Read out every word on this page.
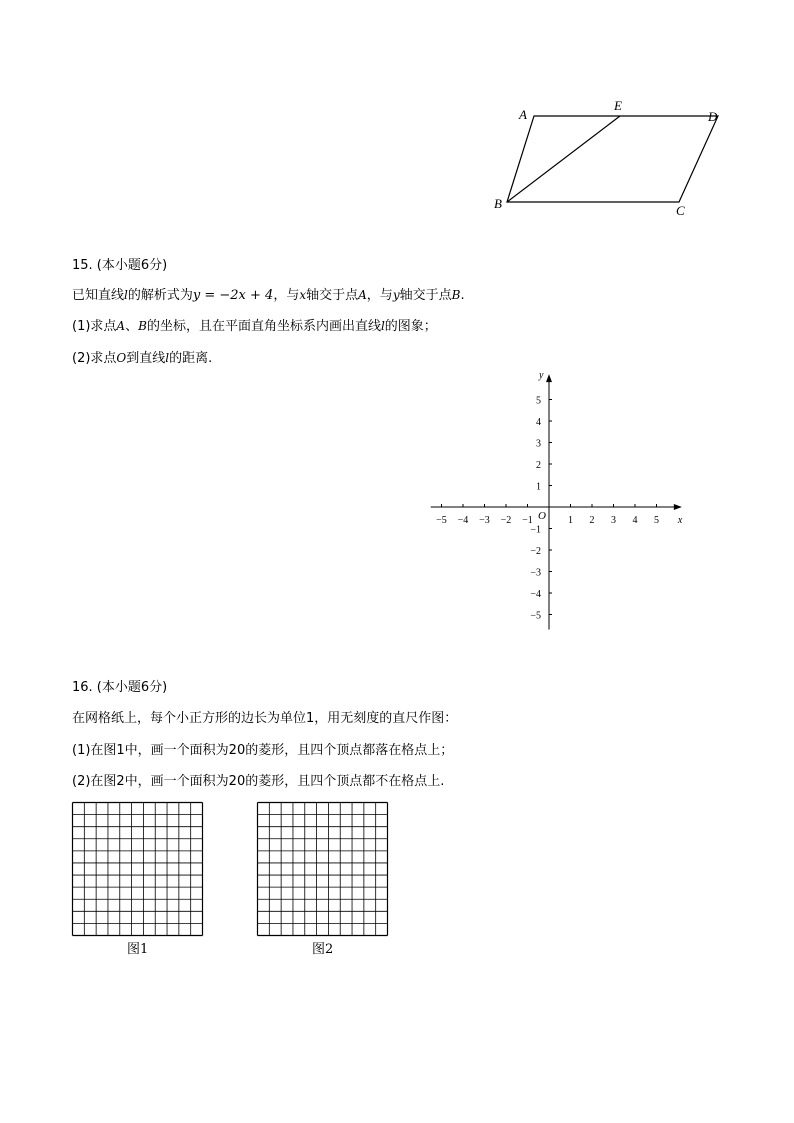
A
E
D
B	C
15. (本小题6分)
已知直线l的解析式为y = −2x + 4，与x轴交于点A，与y轴交于点B.
(1)求点A、B的坐标，且在平面直角坐标系内画出直线l的图象；
(2)求点O到直线l的距离.
−5 −4 −3 −2 −1	1 2 3 4 5
5
4
3
2
1
−1
−2
−3
−4
−5
x
y
O
16. (本小题6分)
在网格纸上，每个小正方形的边长为单位1，用无刻度的直尺作图：
(1)在图1中，画一个面积为20的菱形，且四个顶点都落在格点上；
(2)在图2中，画一个面积为20的菱形，且四个顶点都不在格点上.
图1	图2
